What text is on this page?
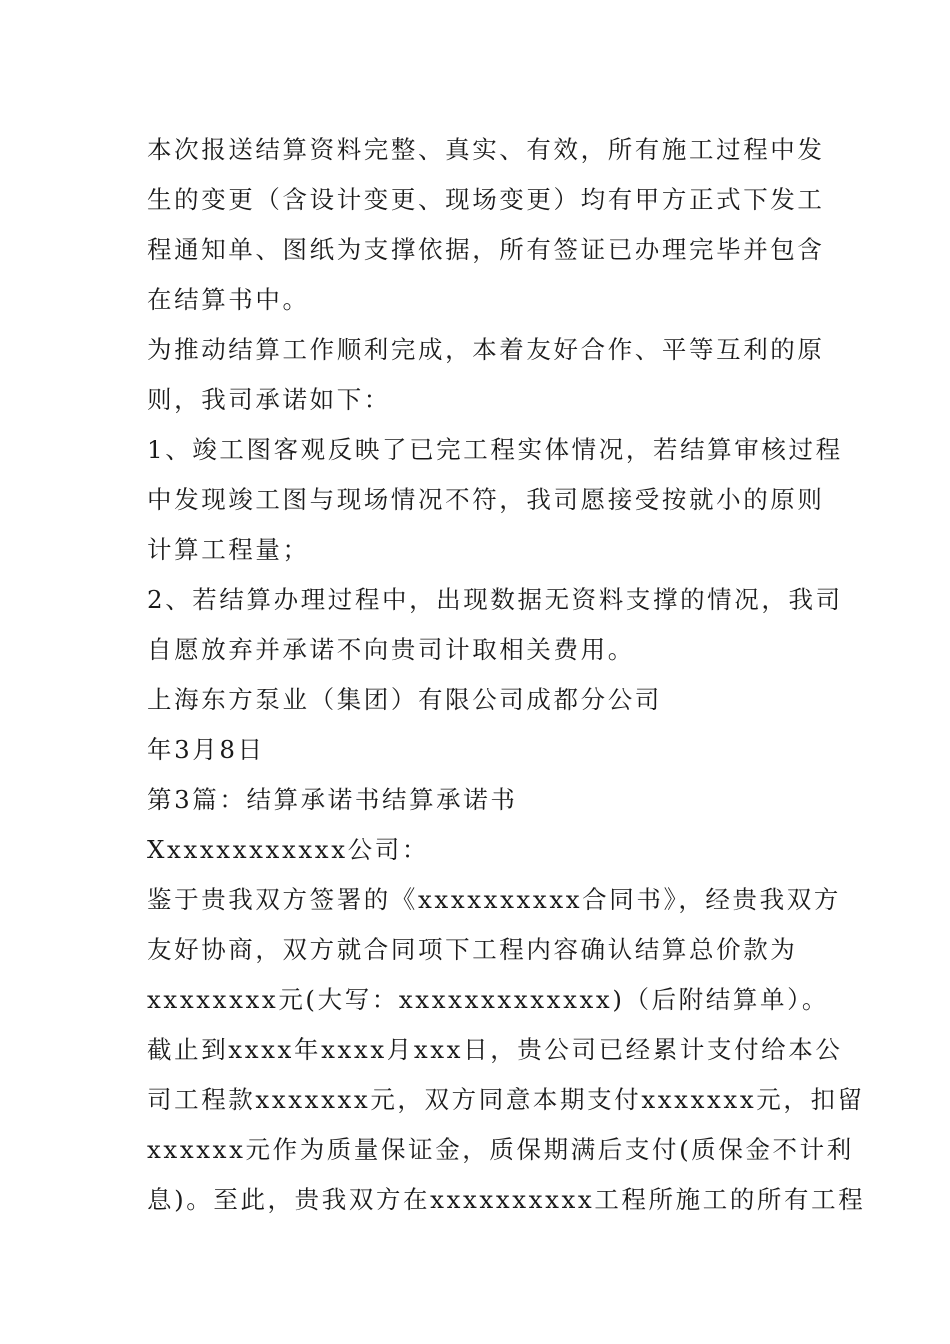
本次报送结算资料完整、真实、有效，所有施工过程中发
生的变更（含设计变更、现场变更）均有甲方正式下发工
程通知单、图纸为支撑依据，所有签证已办理完毕并包含
在结算书中。
为推动结算工作顺利完成，本着友好合作、平等互利的原
则，我司承诺如下：
1、竣工图客观反映了已完工程实体情况，若结算审核过程
中发现竣工图与现场情况不符，我司愿接受按就小的原则
计算工程量；
2、若结算办理过程中，出现数据无资料支撑的情况，我司
自愿放弃并承诺不向贵司计取相关费用。
上海东方泵业（集团）有限公司成都分公司
年3月8日
第3篇：结算承诺书结算承诺书
Xxxxxxxxxxxx公司：
鉴于贵我双方签署的《xxxxxxxxxx合同书》，经贵我双方
友好协商，双方就合同项下工程内容确认结算总价款为
xxxxxxxx元(大写：xxxxxxxxxxxxx)（后附结算单）。
截止到xxxx年xxxx月xxx日，贵公司已经累计支付给本公
司工程款xxxxxxx元，双方同意本期支付xxxxxxx元，扣留
xxxxxx元作为质量保证金，质保期满后支付(质保金不计利
息)。至此，贵我双方在xxxxxxxxxx工程所施工的所有工程
